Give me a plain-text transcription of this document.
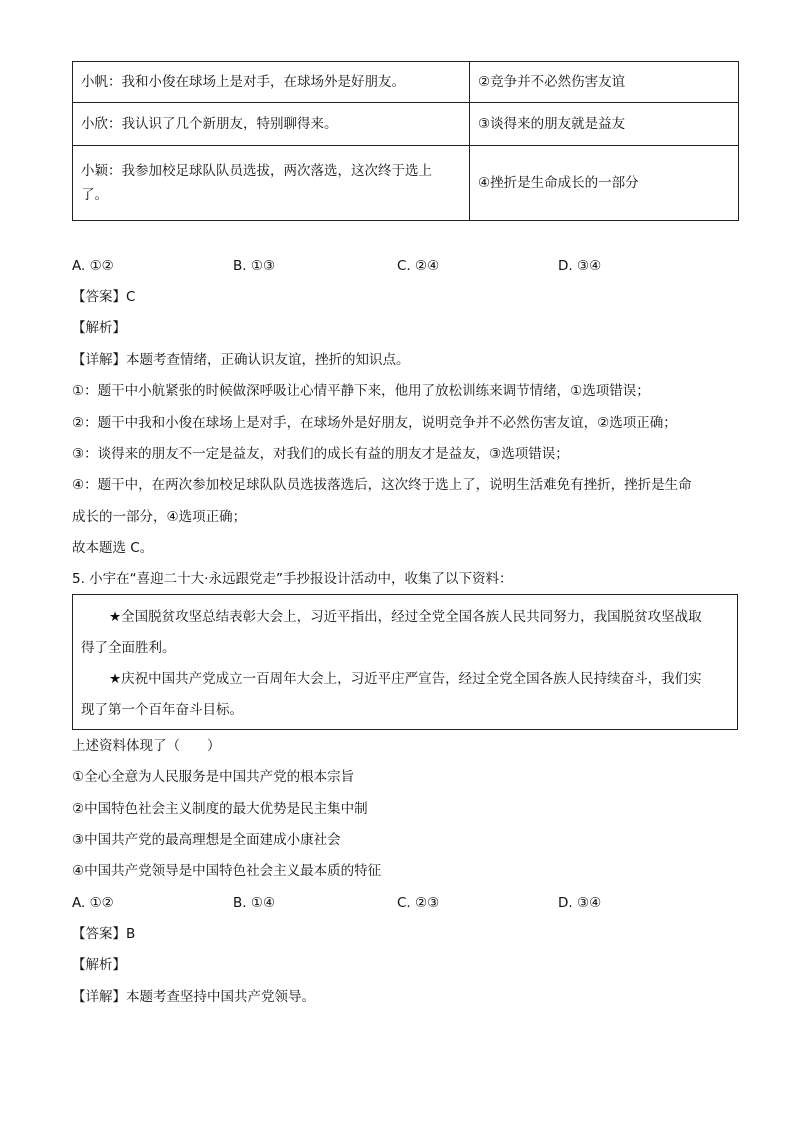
小帆：我和小俊在球场上是对手，在球场外是好朋友。	②竞争并不必然伤害友谊
小欣：我认识了几个新朋友，特别聊得来。	③谈得来的朋友就是益友

小颖：我参加校足球队队员选拔，两次落选，这次终于选上
了。	④挫折是生命成长的一部分
A. ①②	B. ①③	C. ②④	D. ③④
【答案】C
【解析】
【详解】本题考查情绪，正确认识友谊，挫折的知识点。
①：题干中小航紧张的时候做深呼吸让心情平静下来，他用了放松训练来调节情绪，①选项错误；
②：题干中我和小俊在球场上是对手，在球场外是好朋友，说明竞争并不必然伤害友谊，②选项正确；
③：谈得来的朋友不一定是益友，对我们的成长有益的朋友才是益友，③选项错误；
④：题干中，在两次参加校足球队队员选拔落选后，这次终于选上了，说明生活难免有挫折，挫折是生命
成长的一部分，④选项正确；
故本题选 C。
5. 小宇在“喜迎二十大·永远跟党走”手抄报设计活动中，收集了以下资料：

★全国脱贫攻坚总结表彰大会上，习近平指出，经过全党全国各族人民共同努力，我国脱贫攻坚战取

得了全面胜利。

★庆祝中国共产党成立一百周年大会上，习近平庄严宣告，经过全党全国各族人民持续奋斗，我们实

现了第一个百年奋斗目标。

上述资料体现了（　　）
①全心全意为人民服务是中国共产党的根本宗旨
②中国特色社会主义制度的最大优势是民主集中制
③中国共产党的最高理想是全面建成小康社会
④中国共产党领导是中国特色社会主义最本质的特征
A. ①②	B. ①④	C. ②③	D. ③④
【答案】B
【解析】
【详解】本题考查坚持中国共产党领导。
